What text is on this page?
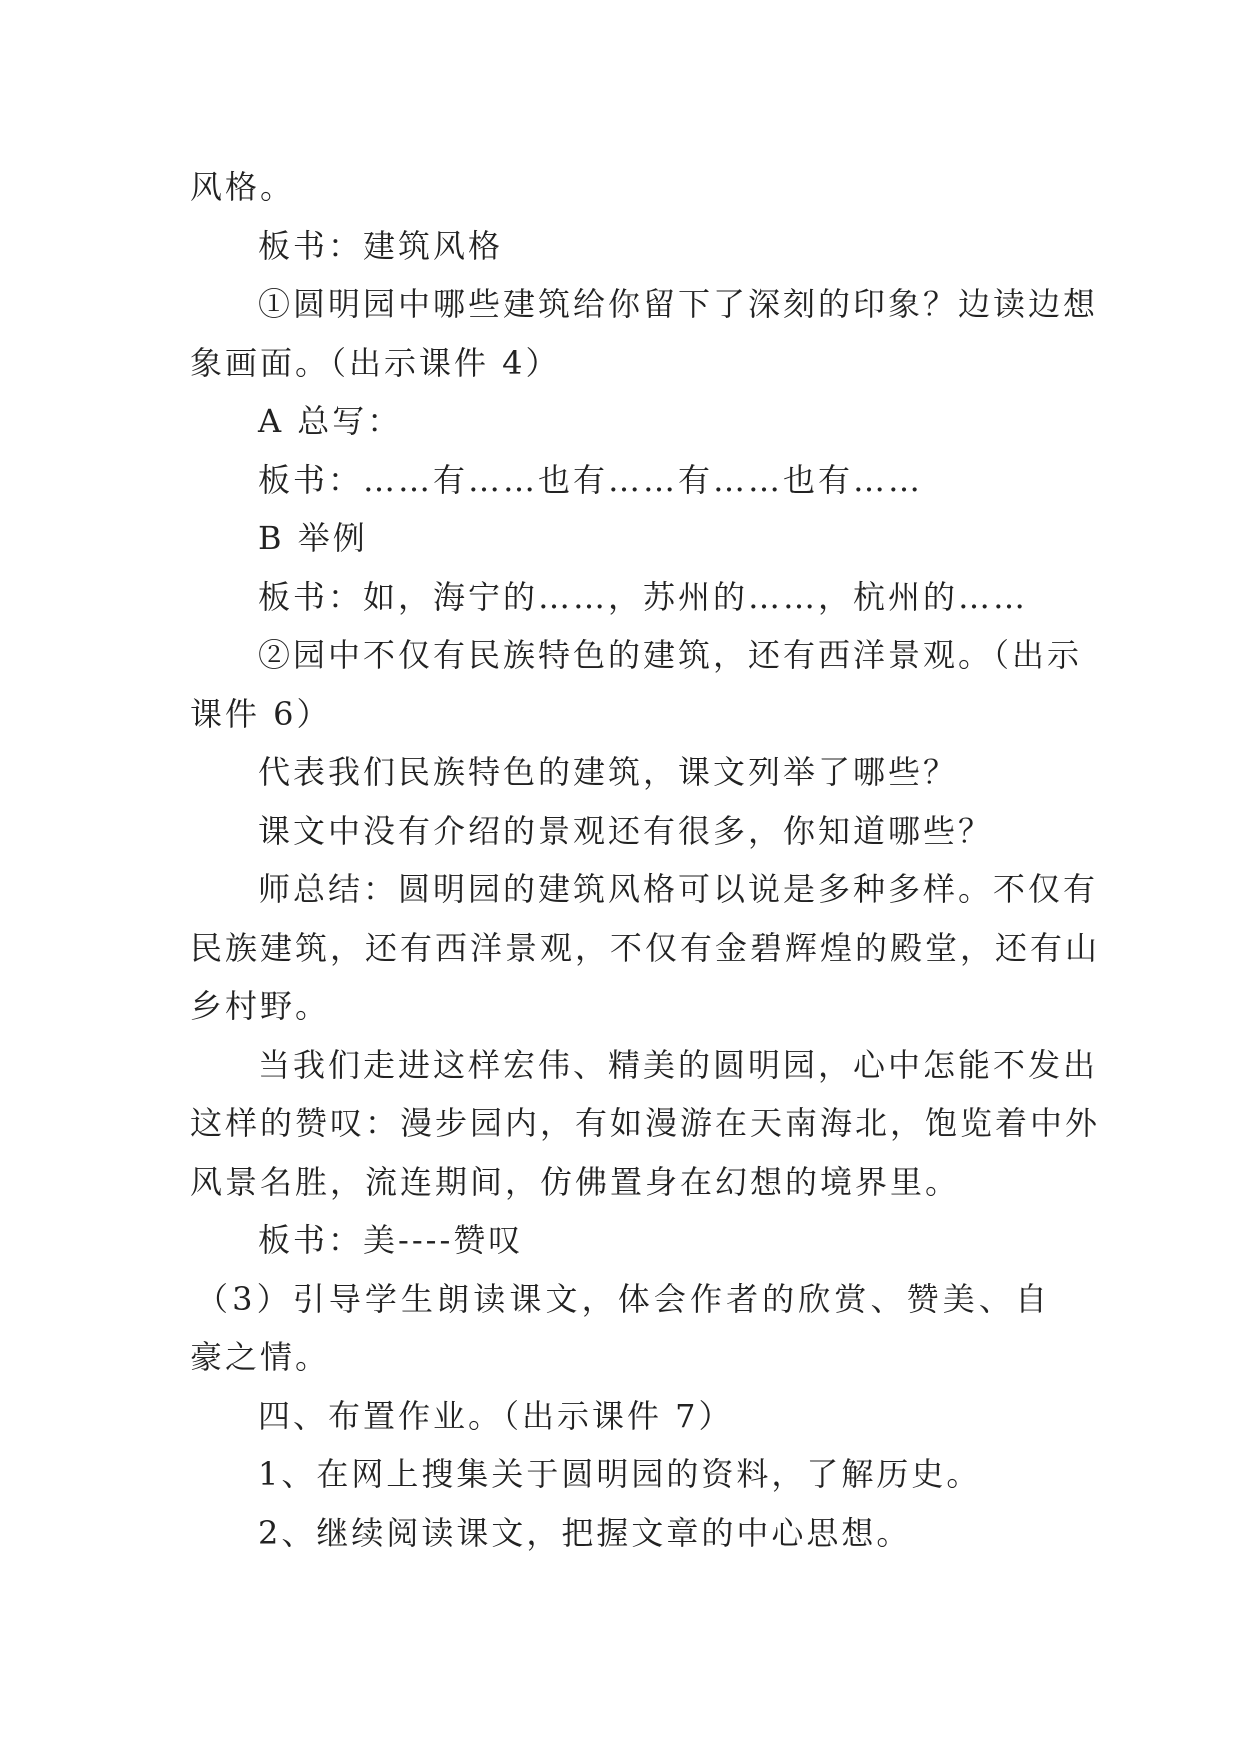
风格。
板书：建筑风格
①圆明园中哪些建筑给你留下了深刻的印象？边读边想
象画面。（出示课件 4）
A 总写：
板书：……有……也有……有……也有……
B 举例
板书：如，海宁的……，苏州的……，杭州的……
②园中不仅有民族特色的建筑，还有西洋景观。（出示
课件 6）
代表我们民族特色的建筑，课文列举了哪些？
课文中没有介绍的景观还有很多，你知道哪些？
师总结：圆明园的建筑风格可以说是多种多样。不仅有
民族建筑，还有西洋景观，不仅有金碧辉煌的殿堂，还有山
乡村野。
当我们走进这样宏伟、精美的圆明园，心中怎能不发出
这样的赞叹：漫步园内，有如漫游在天南海北，饱览着中外
风景名胜，流连期间，仿佛置身在幻想的境界里。
板书：美----赞叹
（3）引导学生朗读课文，体会作者的欣赏、赞美、自
豪之情。
四、布置作业。（出示课件 7）
1、在网上搜集关于圆明园的资料，了解历史。
2、继续阅读课文，把握文章的中心思想。
